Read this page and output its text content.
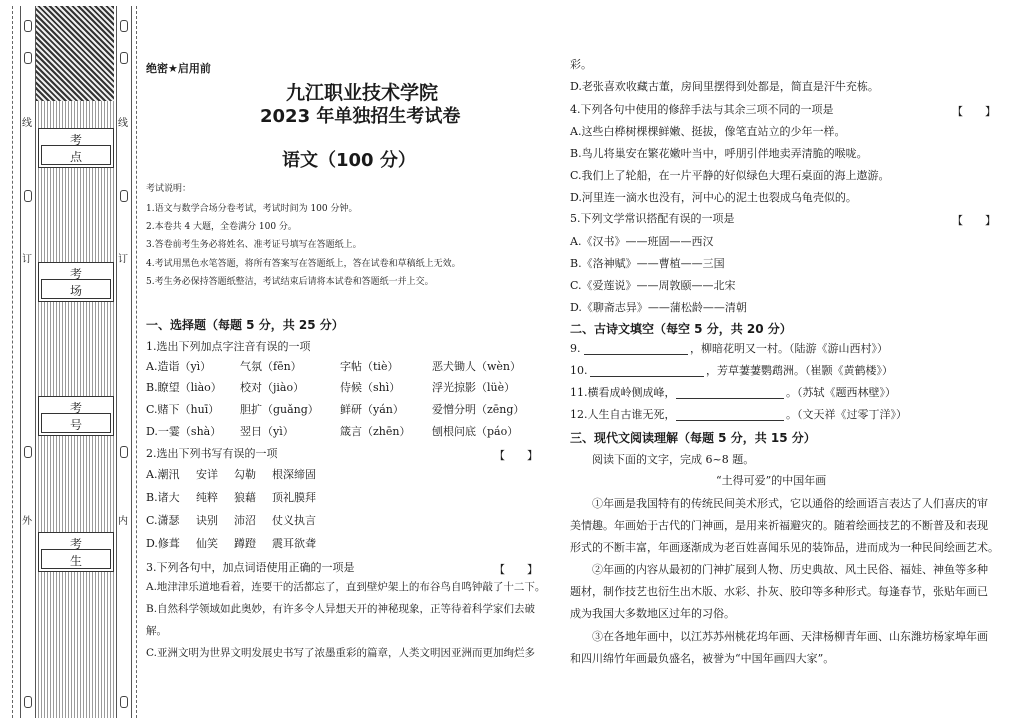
线	线
订	订
内
外
考点
考场
考号
考生
绝密★启用前
九江职业技术学院
2023 年单独招生考试卷
语文（100 分）
考试说明：
1.语文与数学合场分卷考试，考试时间为 100 分钟。
2.本卷共 4 大题，全卷满分 100 分。
3.答卷前考生务必将姓名、准考证号填写在答题纸上。
4.考试用黑色水笔答题，将所有答案写在答题纸上，答在试卷和草稿纸上无效。
5.考生务必保持答题纸整洁，考试结束后请将本试卷和答题纸一并上交。
一、选择题（每题 5 分，共 25 分）
1.选出下列加点字注音有误的一项
A.造诣（yì）	气氛（fēn）	字帖（tiè）	恶犬锄人（wèn）
B.瞭望（liào） 校对（jiào）	侍候（shì）	浮光掠影（lüè）
C.赌下（huī） 胆扩（guǎng） 鲜研（yán）	爱憎分明（zēng）
D.一霎（shà） 翌日（yì）	箴言（zhēn） 刨根问底（páo）
2.选出下列书写有误的一项	【　　】
A.潮汛 安详 勾勒 根深缔固
B.诸大 纯粹 狼藉 顶礼膜拜
C.潇瑟 诀别 沛沼 仗义执言
D.修葺 仙笑 蹲蹬 震耳欲聋
3.下列各句中，加点词语使用正确的一项是	【　　】
A.地津津乐道地看着，连要干的活都忘了，直到壁炉架上的布谷鸟自鸣钟敲了十二下。
B.自然科学领域如此奥妙，有许多令人异想天开的神秘现象，正等待着科学家们去破
解。
C.亚洲文明为世界文明发展史书写了浓墨重彩的篇章，人类文明因亚洲而更加绚烂多
彩。
D.老张喜欢收藏古董，房间里摆得到处都是，简直是汗牛充栋。
4.下列各句中使用的修辞手法与其余三项不同的一项是	【　　】
A.这些白桦树棵棵鲜嫩、挺拔，像笔直站立的少年一样。
B.鸟儿将巢安在繁花嫩叶当中，呼朋引伴地卖弄清脆的喉咙。
C.我们上了轮船，在一片平静的好似绿色大理石桌面的海上遨游。
D.河里连一滴水也没有，河中心的泥土也裂成乌龟壳似的。
5.下列文学常识搭配有误的一项是	【　　】
A.《汉书》——班固——西汉
B.《洛神赋》——曹植——三国
C.《爱莲说》——周敦颐——北宋
D.《聊斋志异》——蒲松龄——清朝
二、古诗文填空（每空 5 分，共 20 分）
9.	，柳暗花明又一村。（陆游《游山西村》）
10.	，芳草萋萋鹦鹉洲。（崔颢《黄鹤楼》）
11.横看成岭侧成峰，	。（苏轼《题西林壁》）
12.人生自古谁无死，	。（文天祥《过零丁洋》）
三、现代文阅读理解（每题 5 分，共 15 分）
阅读下面的文字，完成 6~8 题。
“土得可爱”的中国年画
①年画是我国特有的传统民间美术形式，它以通俗的绘画语言表达了人们喜庆的审
美情趣。年画始于古代的门神画，是用来祈福避灾的。随着绘画技艺的不断普及和表现
形式的不断丰富，年画逐渐成为老百姓喜闻乐见的装饰品，进而成为一种民间绘画艺术。
②年画的内容从最初的门神扩展到人物、历史典故、风土民俗、福娃、神鱼等多种
题材，制作技艺也衍生出木版、水彩、扑灰、胶印等多种形式。每逢春节，张贴年画已
成为我国大多数地区过年的习俗。
③在各地年画中，以江苏苏州桃花坞年画、天津杨柳青年画、山东潍坊杨家埠年画
和四川绵竹年画最负盛名，被誉为“中国年画四大家”。
